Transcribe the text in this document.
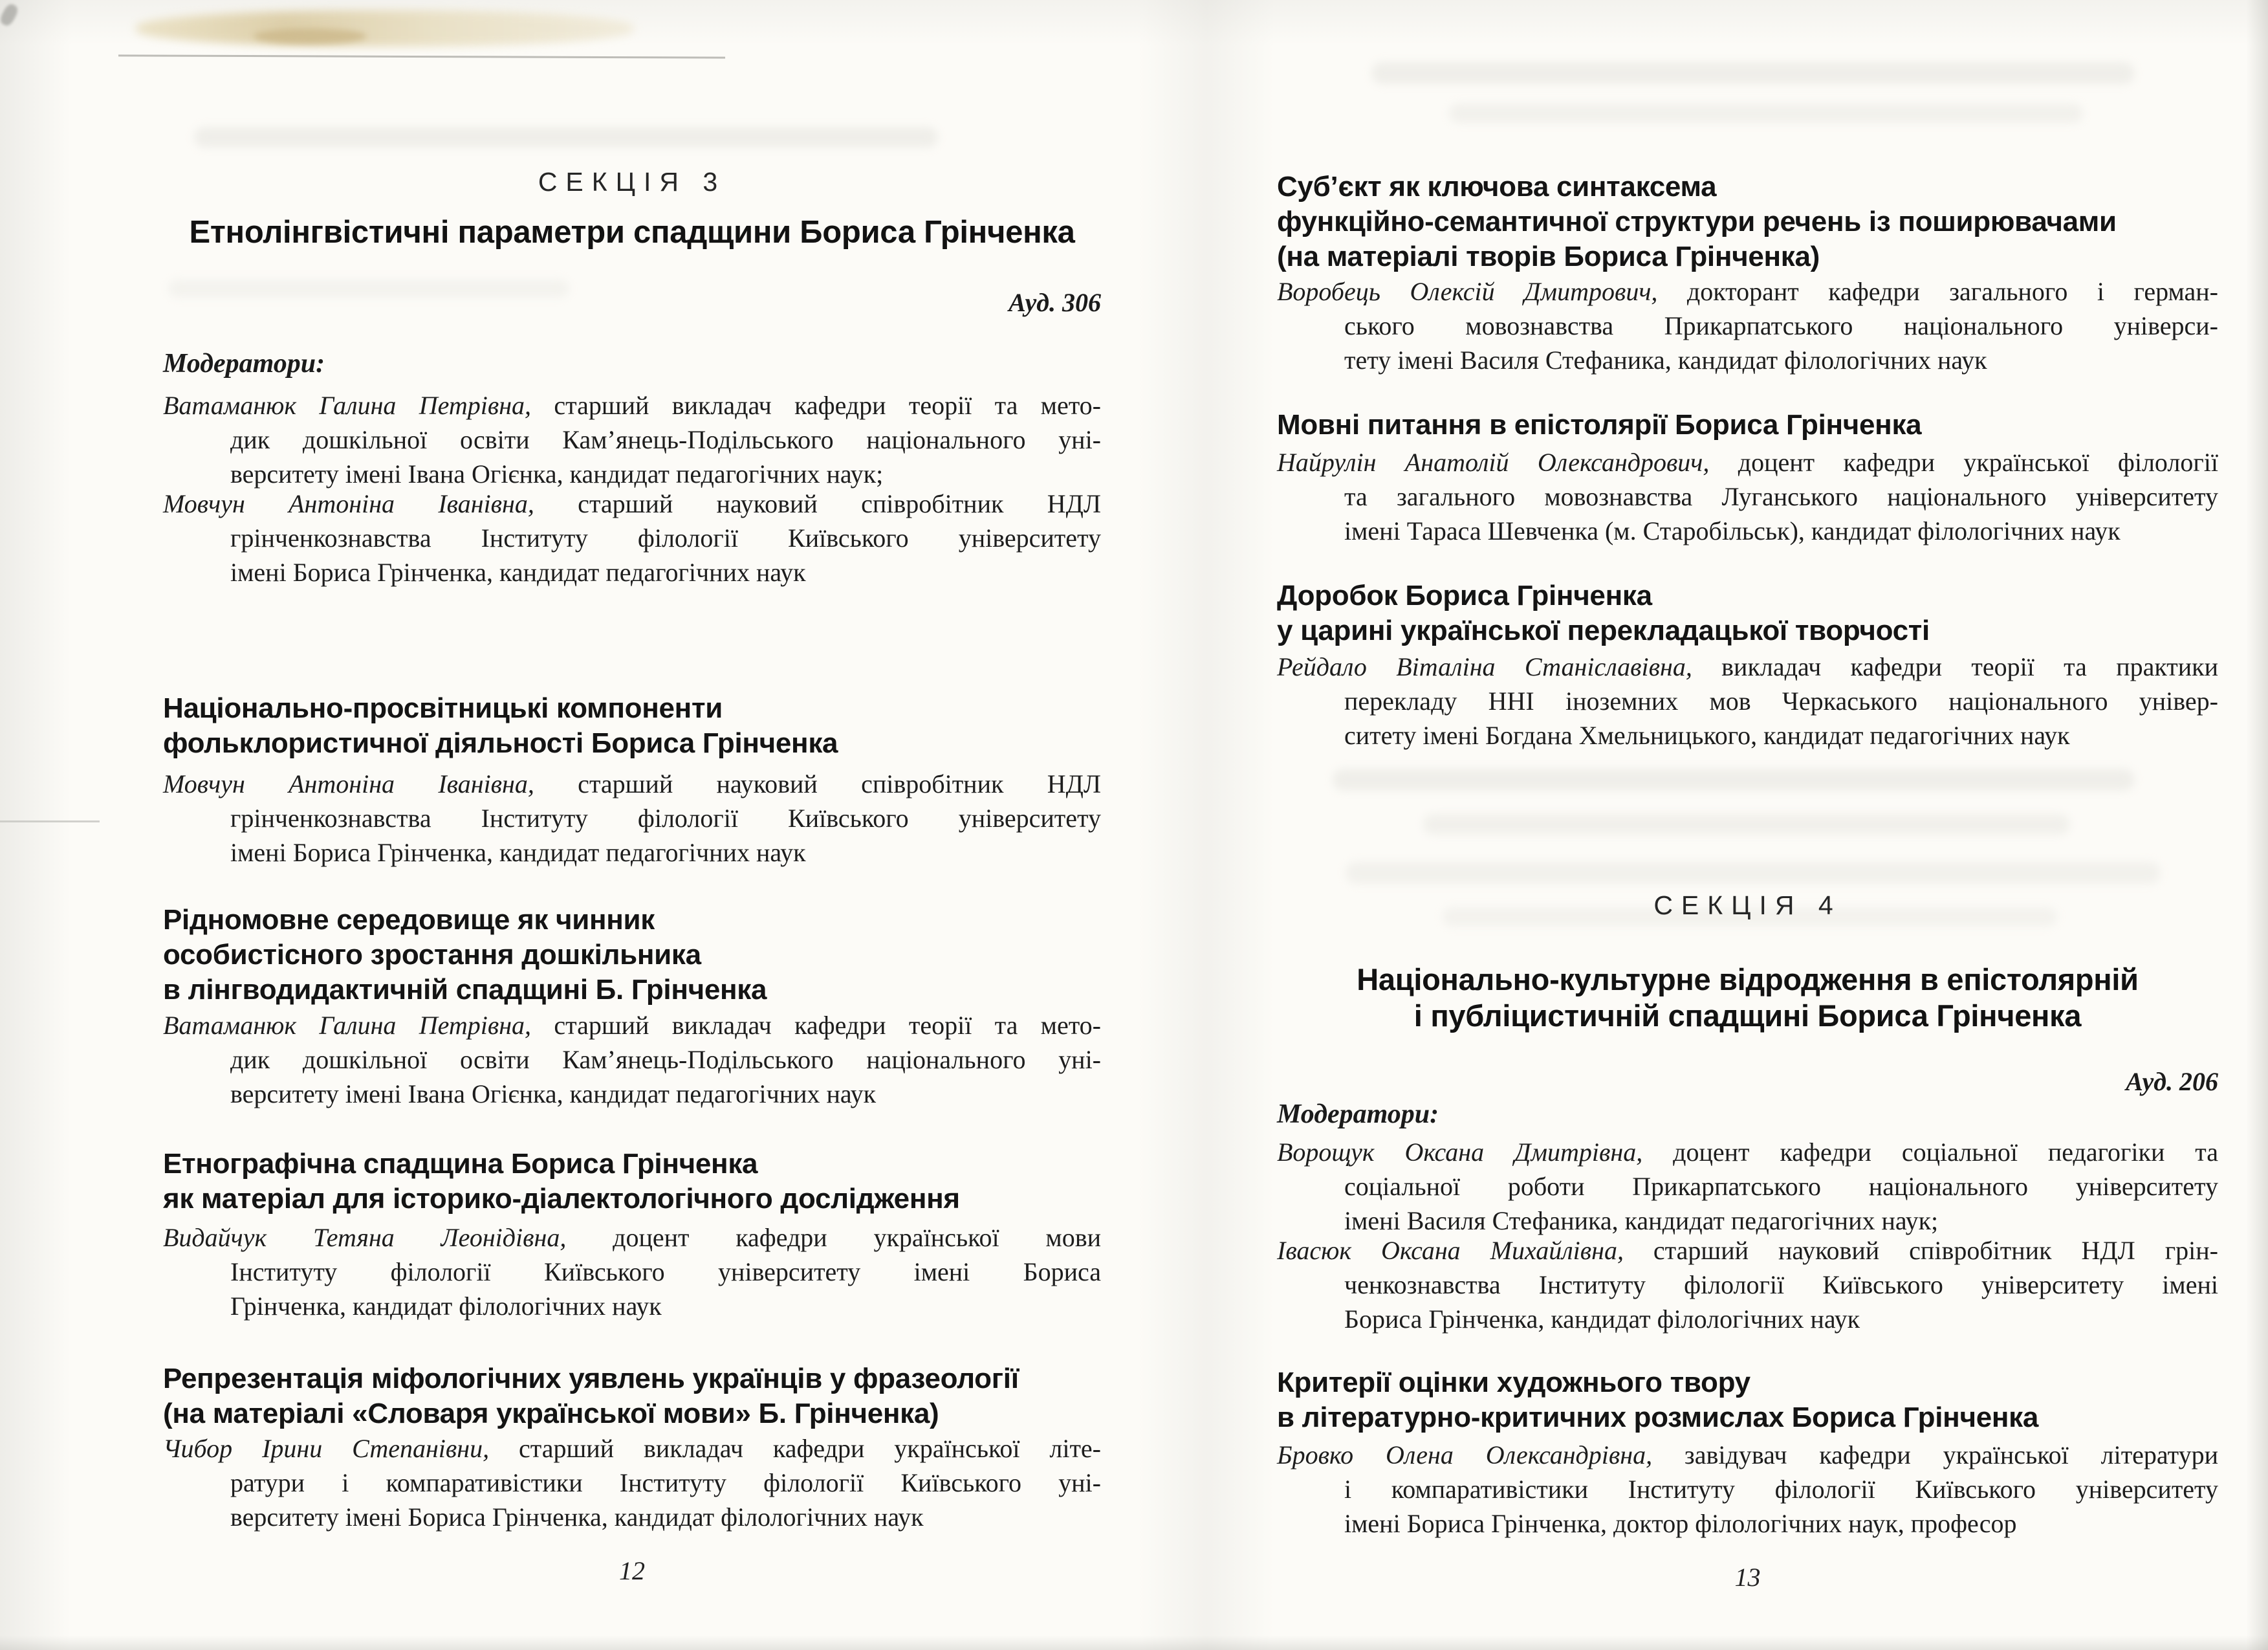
СЕКЦІЯ 3
Етнолінгвістичні параметри спадщини Бориса Грінченка
Ауд. 306
Модератори:
Ватаманюк Галина Петрівна, старший викладач кафедри теорії та мето-
дик дошкільної освіти Кам’янець-Подільського національного уні-
верситету імені Івана Огієнка, кандидат педагогічних наук;
Мовчун Антоніна Іванівна, старший науковий співробітник НДЛ
грінченкознавства Інституту філології Київського університету
імені Бориса Грінченка, кандидат педагогічних наук
Національно-просвітницькі компоненти
фольклористичної діяльності Бориса Грінченка
Мовчун Антоніна Іванівна, старший науковий співробітник НДЛ
грінченкознавства Інституту філології Київського університету
імені Бориса Грінченка, кандидат педагогічних наук
Рідномовне середовище як чинник
особистісного зростання дошкільника
в лінгводидактичній спадщині Б. Грінченка
Ватаманюк Галина Петрівна, старший викладач кафедри теорії та мето-
дик дошкільної освіти Кам’янець-Подільського національного уні-
верситету імені Івана Огієнка, кандидат педагогічних наук
Етнографічна спадщина Бориса Грінченка
як матеріал для історико-діалектологічного дослідження
Видайчук Тетяна Леонідівна, доцент кафедри української мови
Інституту філології Київського університету імені Бориса
Грінченка, кандидат філологічних наук
Репрезентація міфологічних уявлень українців у фразеології
(на матеріалі «Словаря української мови» Б. Грінченка)
Чибор Ірини Степанівни, старший викладач кафедри української літе-
ратури і компаративістики Інституту філології Київського уні-
верситету імені Бориса Грінченка, кандидат філологічних наук
12
Суб’єкт як ключова синтаксема
функційно-семантичної структури речень із поширювачами
(на матеріалі творів Бориса Грінченка)
Воробець Олексій Дмитрович, докторант кафедри загального і герман-
ського мовознавства Прикарпатського національного універси-
тету імені Василя Стефаника, кандидат філологічних наук
Мовні питання в епістолярії Бориса Грінченка
Найрулін Анатолій Олександрович, доцент кафедри української філології
та загального мовознавства Луганського національного університету
імені Тараса Шевченка (м. Старобільськ), кандидат філологічних наук
Доробок Бориса Грінченка
у царині української перекладацької творчості
Рейдало Віталіна Станіславівна, викладач кафедри теорії та практики
перекладу ННІ іноземних мов Черкаського національного універ-
ситету імені Богдана Хмельницького, кандидат педагогічних наук
СЕКЦІЯ 4
Національно-культурне відродження в епістолярній
і публіцистичній спадщині Бориса Грінченка
Ауд. 206
Модератори:
Ворощук Оксана Дмитрівна, доцент кафедри соціальної педагогіки та
соціальної роботи Прикарпатського національного університету
імені Василя Стефаника, кандидат педагогічних наук;
Івасюк Оксана Михайлівна, старший науковий співробітник НДЛ грін-
ченкознавства Інституту філології Київського університету імені
Бориса Грінченка, кандидат філологічних наук
Критерії оцінки художнього твору
в літературно-критичних розмислах Бориса Грінченка
Бровко Олена Олександрівна, завідувач кафедри української літератури
і компаративістики Інституту філології Київського університету
імені Бориса Грінченка, доктор філологічних наук, професор
13
